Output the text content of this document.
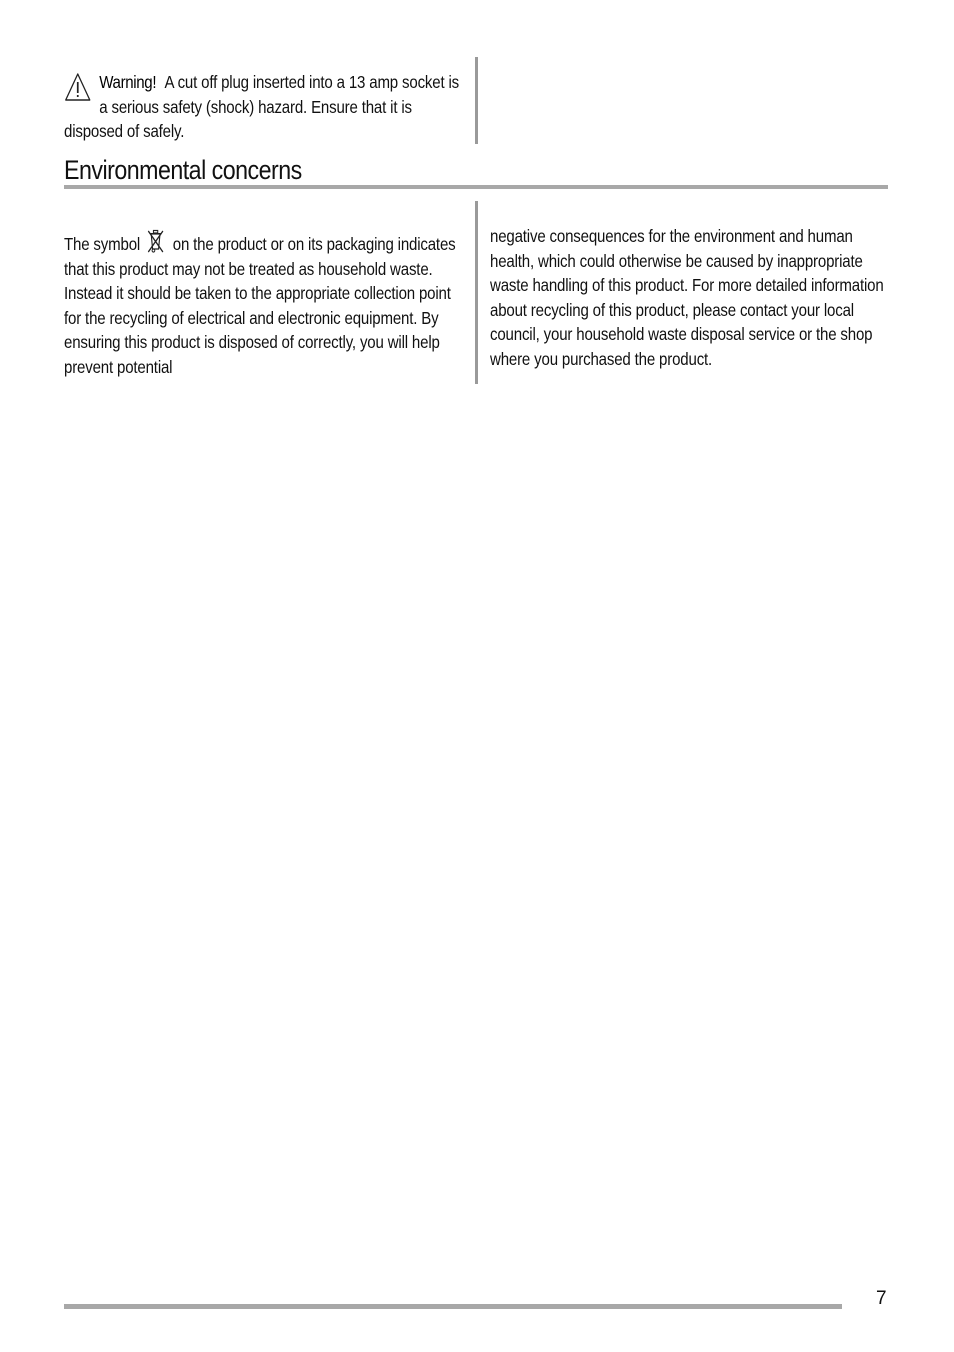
Warning! A cut off plug inserted into a 13 amp socket is a serious safety (shock) hazard. Ensure that it is disposed of safely.
Environmental concerns
The symbol on the product or on its packaging indicates that this product may not be treated as household waste. Instead it should be taken to the appropriate collection point for the recycling of electrical and electronic equipment. By ensuring this product is disposed of correctly, you will help prevent potential
negative consequences for the environment and human health, which could otherwise be caused by inappropriate waste handling of this product. For more detailed information about recycling of this product, please contact your local council, your household waste disposal service or the shop where you purchased the product.
7
